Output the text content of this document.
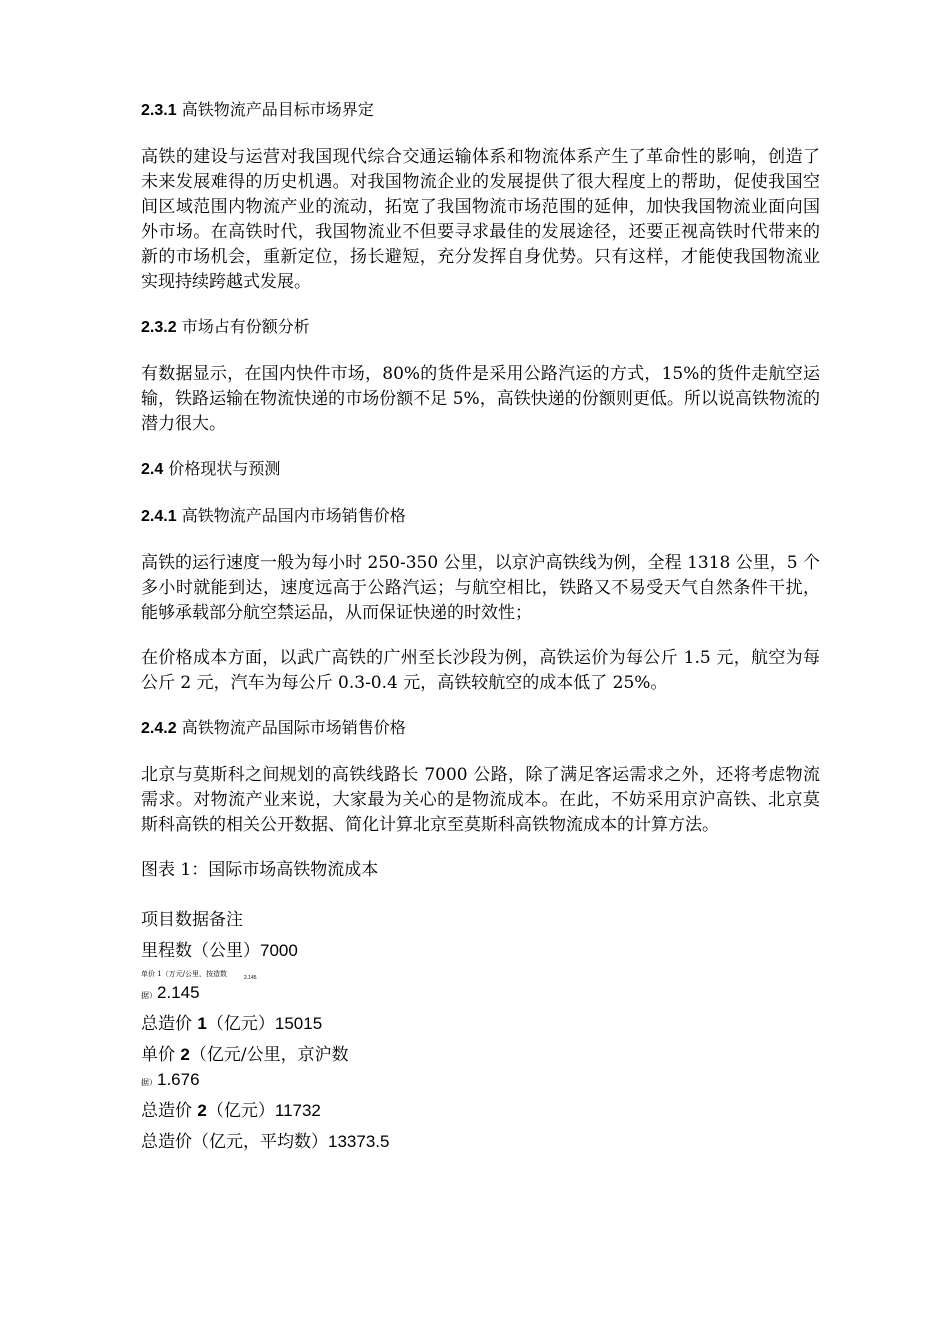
2.3.1 高铁物流产品目标市场界定

高铁的建设与运营对我国现代综合交通运输体系和物流体系产生了革命性的影响，创造了未来发展难得的历史机遇。对我国物流企业的发展提供了很大程度上的帮助，促使我国空间区域范围内物流产业的流动，拓宽了我国物流市场范围的延伸，加快我国物流业面向国外市场。在高铁时代，我国物流业不但要寻求最佳的发展途径，还要正视高铁时代带来的新的市场机会，重新定位，扬长避短，充分发挥自身优势。只有这样，才能使我国物流业实现持续跨越式发展。

2.3.2 市场占有份额分析

有数据显示，在国内快件市场，80%的货件是采用公路汽运的方式，15%的货件走航空运输，铁路运输在物流快递的市场份额不足 5%，高铁快递的份额则更低。所以说高铁物流的潜力很大。

2.4 价格现状与预测
2.4.1 高铁物流产品国内市场销售价格

高铁的运行速度一般为每小时 250-350 公里，以京沪高铁线为例，全程 1318 公里，5 个多小时就能到达，速度远高于公路汽运；与航空相比，铁路又不易受天气自然条件干扰，能够承载部分航空禁运品，从而保证快递的时效性；

在价格成本方面，以武广高铁的广州至长沙段为例，高铁运价为每公斤 1.5 元，航空为每公斤 2 元，汽车为每公斤 0.3-0.4 元，高铁较航空的成本低了 25%。

2.4.2 高铁物流产品国际市场销售价格

北京与莫斯科之间规划的高铁线路长 7000 公路，除了满足客运需求之外，还将考虑物流需求。对物流产业来说，大家最为关心的是物流成本。在此，不妨采用京沪高铁、北京莫斯科高铁的相关公开数据、简化计算北京至莫斯科高铁物流成本的计算方法。

图表 1：国际市场高铁物流成本
项目数据备注
里程数（公里）7000
单价 1（万元/公里，按造数	2.145
据）2.145
总造价 1（亿元）15015
单价 2（亿元/公里，京沪数
据）1.676
总造价 2（亿元）11732
总造价（亿元，平均数）13373.5
